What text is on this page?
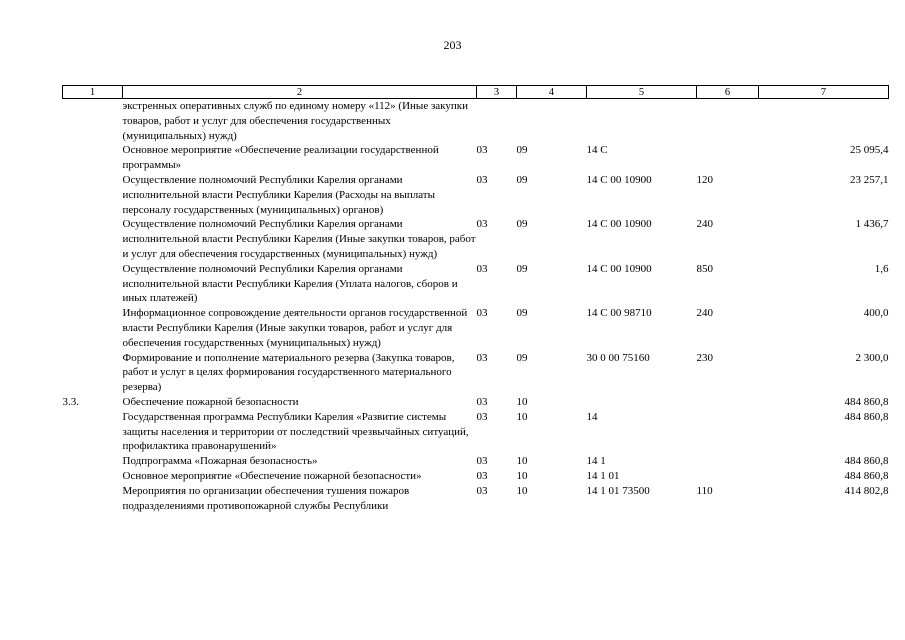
203
1	2	3	4	5	6	7
	экстренных оперативных служб по единому номеру «112» (Иные закупки товаров, работ и услуг для обеспечения государственных (муниципальных) нужд)					
	Основное мероприятие «Обеспечение реализации государственной программы»	03	09	14 С		25 095,4
	Осуществление полномочий Республики Карелия органами исполнительной власти Республики Карелия (Расходы на выплаты персоналу государственных (муниципальных) органов)	03	09	14 С 00 10900	120	23 257,1
	Осуществление полномочий Республики Карелия органами исполнительной власти Республики Карелия (Иные закупки товаров, работ и услуг для обеспечения государственных (муниципальных) нужд)	03	09	14 С 00 10900	240	1 436,7
	Осуществление полномочий Республики Карелия органами исполнительной власти Республики Карелия (Уплата налогов, сборов и иных платежей)	03	09	14 С 00 10900	850	1,6
	Информационное сопровождение деятельности органов государственной власти Республики Карелия (Иные закупки товаров, работ и услуг для обеспечения государственных (муниципальных) нужд)	03	09	14 С 00 98710	240	400,0
	Формирование и пополнение материального резерва (Закупка товаров, работ и услуг в целях формирования государственного материального резерва)	03	09	30 0 00 75160	230	2 300,0
3.3.	Обеспечение пожарной безопасности	03	10			484 860,8
	Государственная программа Республики Карелия «Развитие системы защиты населения и территории от последствий чрезвычайных ситуаций, профилактика правонарушений»	03	10	14		484 860,8
	Подпрограмма «Пожарная безопасность»	03	10	14 1		484 860,8
	Основное мероприятие «Обеспечение пожарной безопасности»	03	10	14 1 01		484 860,8
	Мероприятия по организации обеспечения тушения пожаров подразделениями противопожарной службы Республики	03	10	14 1 01 73500	110	414 802,8
